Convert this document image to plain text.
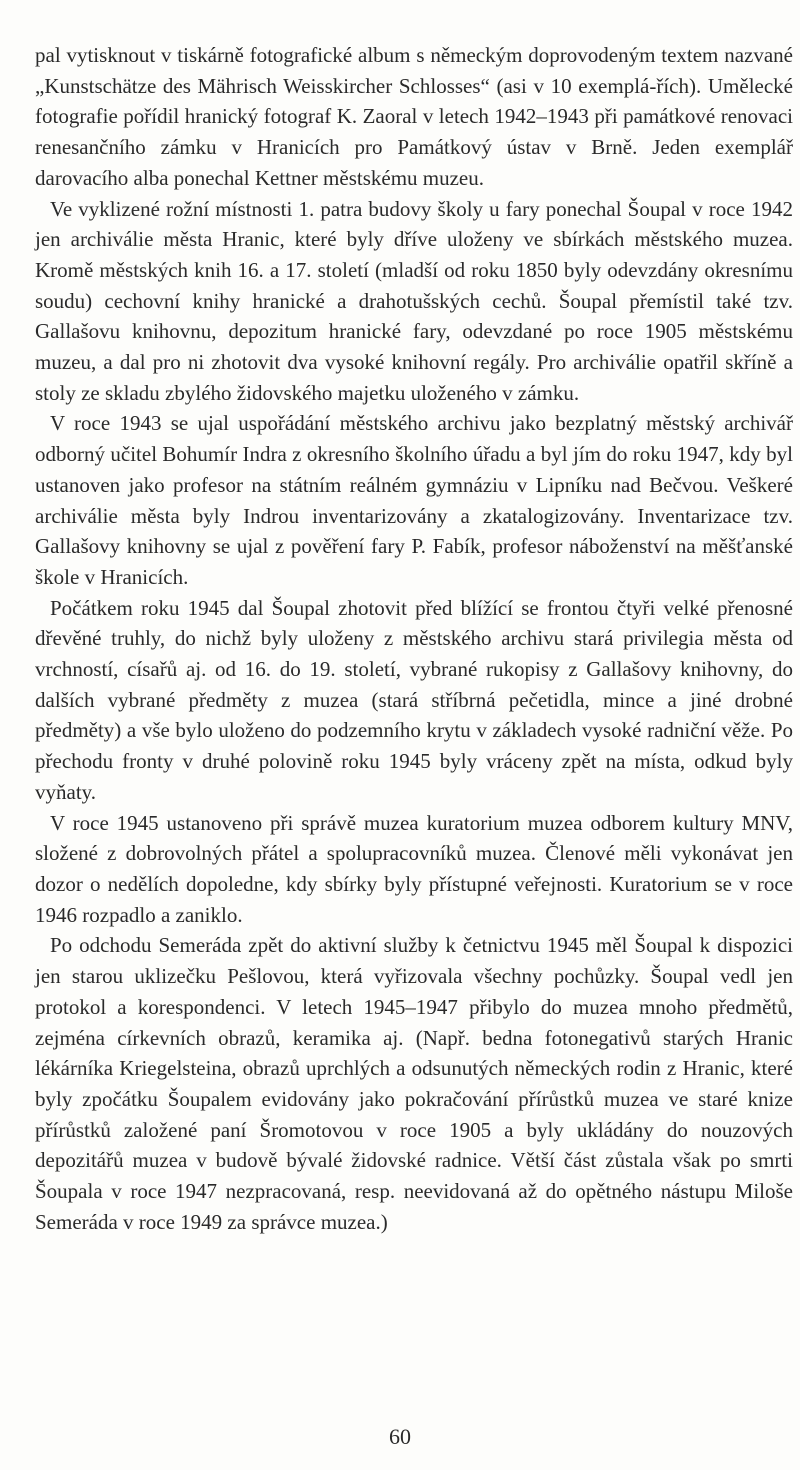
pal vytisknout v tiskárně fotografické album s německým doprovodeným textem nazvané „Kunstschätze des Mährisch Weisskircher Schlosses“ (asi v 10 exemplá-řích). Umělecké fotografie pořídil hranický fotograf K. Zaoral v letech 1942–1943 při památkové renovaci renesančního zámku v Hranicích pro Památkový ústav v Brně. Jeden exemplář darovacího alba ponechal Kettner městskému muzeu.

Ve vyklizené rožní místnosti 1. patra budovy školy u fary ponechal Šoupal v roce 1942 jen archiválie města Hranic, které byly dříve uloženy ve sbírkách městského muzea. Kromě městských knih 16. a 17. století (mladší od roku 1850 byly odevzdány okresnímu soudu) cechovní knihy hranické a drahotušských cechů. Šoupal přemístil také tzv. Gallašovu knihovnu, depozitum hranické fary, odevzdané po roce 1905 městskému muzeu, a dal pro ni zhotovit dva vysoké knihovní regály. Pro archiválie opatřil skříně a stoly ze skladu zbylého židovského majetku uloženého v zámku.

V roce 1943 se ujal uspořádání městského archivu jako bezplatný městský archivář odborný učitel Bohumír Indra z okresního školního úřadu a byl jím do roku 1947, kdy byl ustanoven jako profesor na státním reálném gymnáziu v Lipníku nad Bečvou. Veškeré archiválie města byly Indrou inventarizovány a zkatalogizovány. Inventarizace tzv. Gallašovy knihovny se ujal z pověření fary P. Fabík, profesor náboženství na měšťanské škole v Hranicích.

Počátkem roku 1945 dal Šoupal zhotovit před blížící se frontou čtyři velké přenosné dřevěné truhly, do nichž byly uloženy z městského archivu stará privilegia města od vrchností, císařů aj. od 16. do 19. století, vybrané rukopisy z Gallašovy knihovny, do dalších vybrané předměty z muzea (stará stříbrná pečetidla, mince a jiné drobné předměty) a vše bylo uloženo do podzemního krytu v základech vysoké radniční věže. Po přechodu fronty v druhé polovině roku 1945 byly vráceny zpět na místa, odkud byly vyňaty.

V roce 1945 ustanoveno při správě muzea kuratorium muzea odborem kultury MNV, složené z dobrovolných přátel a spolupracovníků muzea. Členové měli vykonávat jen dozor o nedělích dopoledne, kdy sbírky byly přístupné veřejnosti. Kuratorium se v roce 1946 rozpadlo a zaniklo.

Po odchodu Semeráda zpět do aktivní služby k četnictvu 1945 měl Šoupal k dispozici jen starou uklizečku Pešlovou, která vyřizovala všechny pochůzky. Šoupal vedl jen protokol a korespondenci. V letech 1945–1947 přibylo do muzea mnoho předmětů, zejména církevních obrazů, keramika aj. (Např. bedna fotonegativů starých Hranic lékárníka Kriegelsteina, obrazů uprchlých a odsunutých německých rodin z Hranic, které byly zpočátku Šoupalem evidovány jako pokračování přírůstků muzea ve staré knize přírůstků založené paní Šromotovou v roce 1905 a byly ukládány do nouzových depozitářů muzea v budově bývalé židovské radnice. Větší část zůstala však po smrti Šoupala v roce 1947 nezpracovaná, resp. neevidovaná až do opětného nástupu Miloše Semeráda v roce 1949 za správce muzea.)

60
